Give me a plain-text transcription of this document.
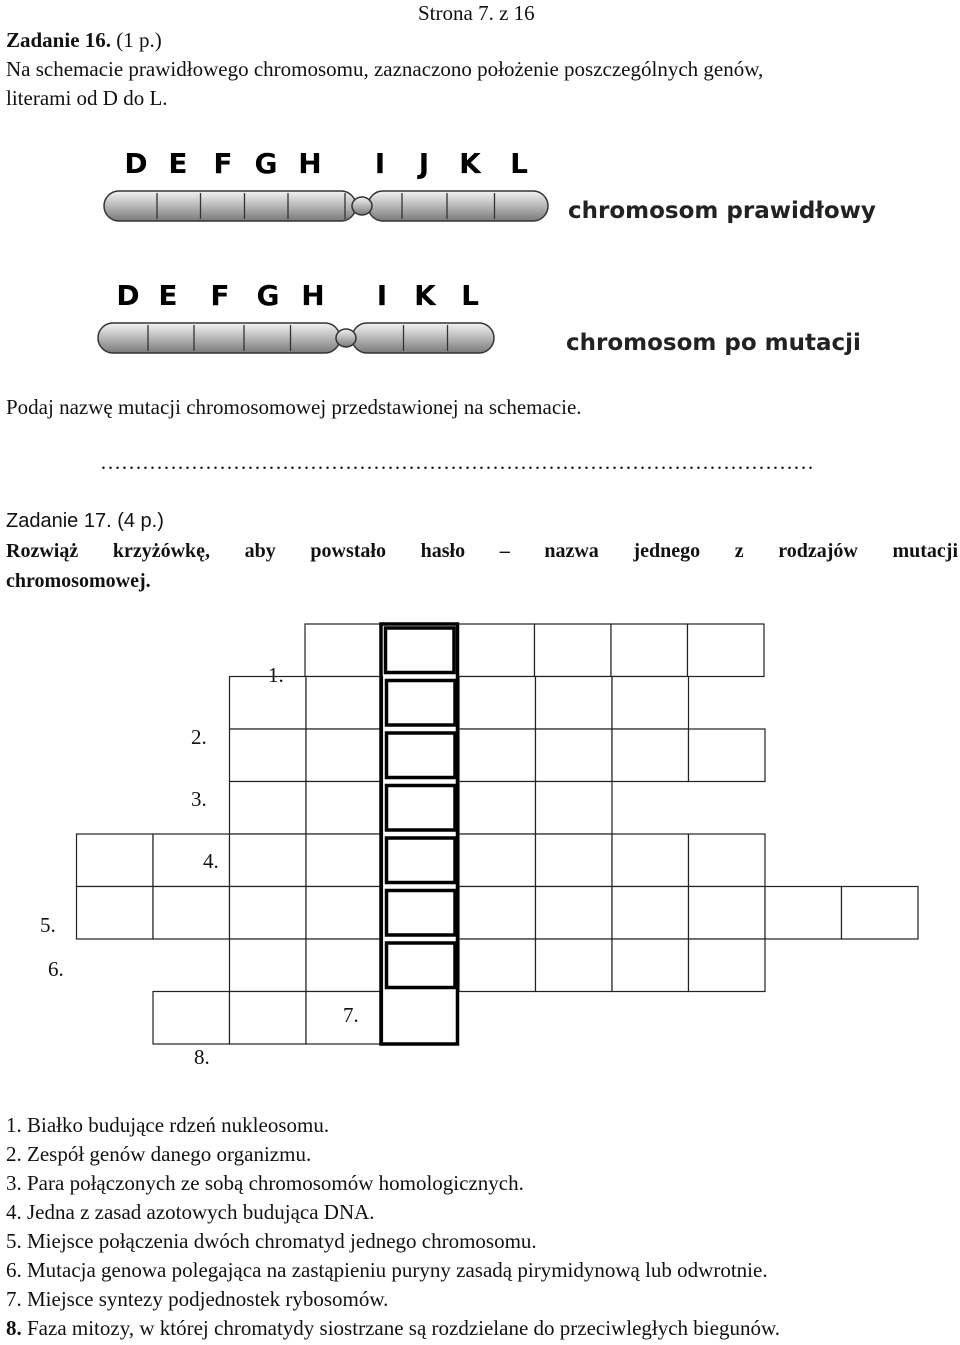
Strona 7. z 16
Zadanie 16. (1 p.)
Na schemacie prawidłowego chromosomu, zaznaczono położenie poszczególnych genów,
literami od D do L.
D E F G H I J K L
chromosom prawidłowy
D E F G H I K L
chromosom po mutacji
Podaj nazwę mutacji chromosomowej przedstawionej na schemacie.
…………………………………………………………………………………………
Zadanie 17. (4 p.)
Rozwiąż krzyżówkę, aby powstało hasło – nazwa jednego z rodzajów mutacji
chromosomowej.
1.
2.
3.
4.
5.
6.
7.
8.
1. Białko budujące rdzeń nukleosomu.
2. Zespół genów danego organizmu.
3. Para połączonych ze sobą chromosomów homologicznych.
4. Jedna z zasad azotowych budująca DNA.
5. Miejsce połączenia dwóch chromatyd jednego chromosomu.
6. Mutacja genowa polegająca na zastąpieniu puryny zasadą pirymidynową lub odwrotnie.
7. Miejsce syntezy podjednostek rybosomów.
8. Faza mitozy, w której chromatydy siostrzane są rozdzielane do przeciwległych biegunów.
